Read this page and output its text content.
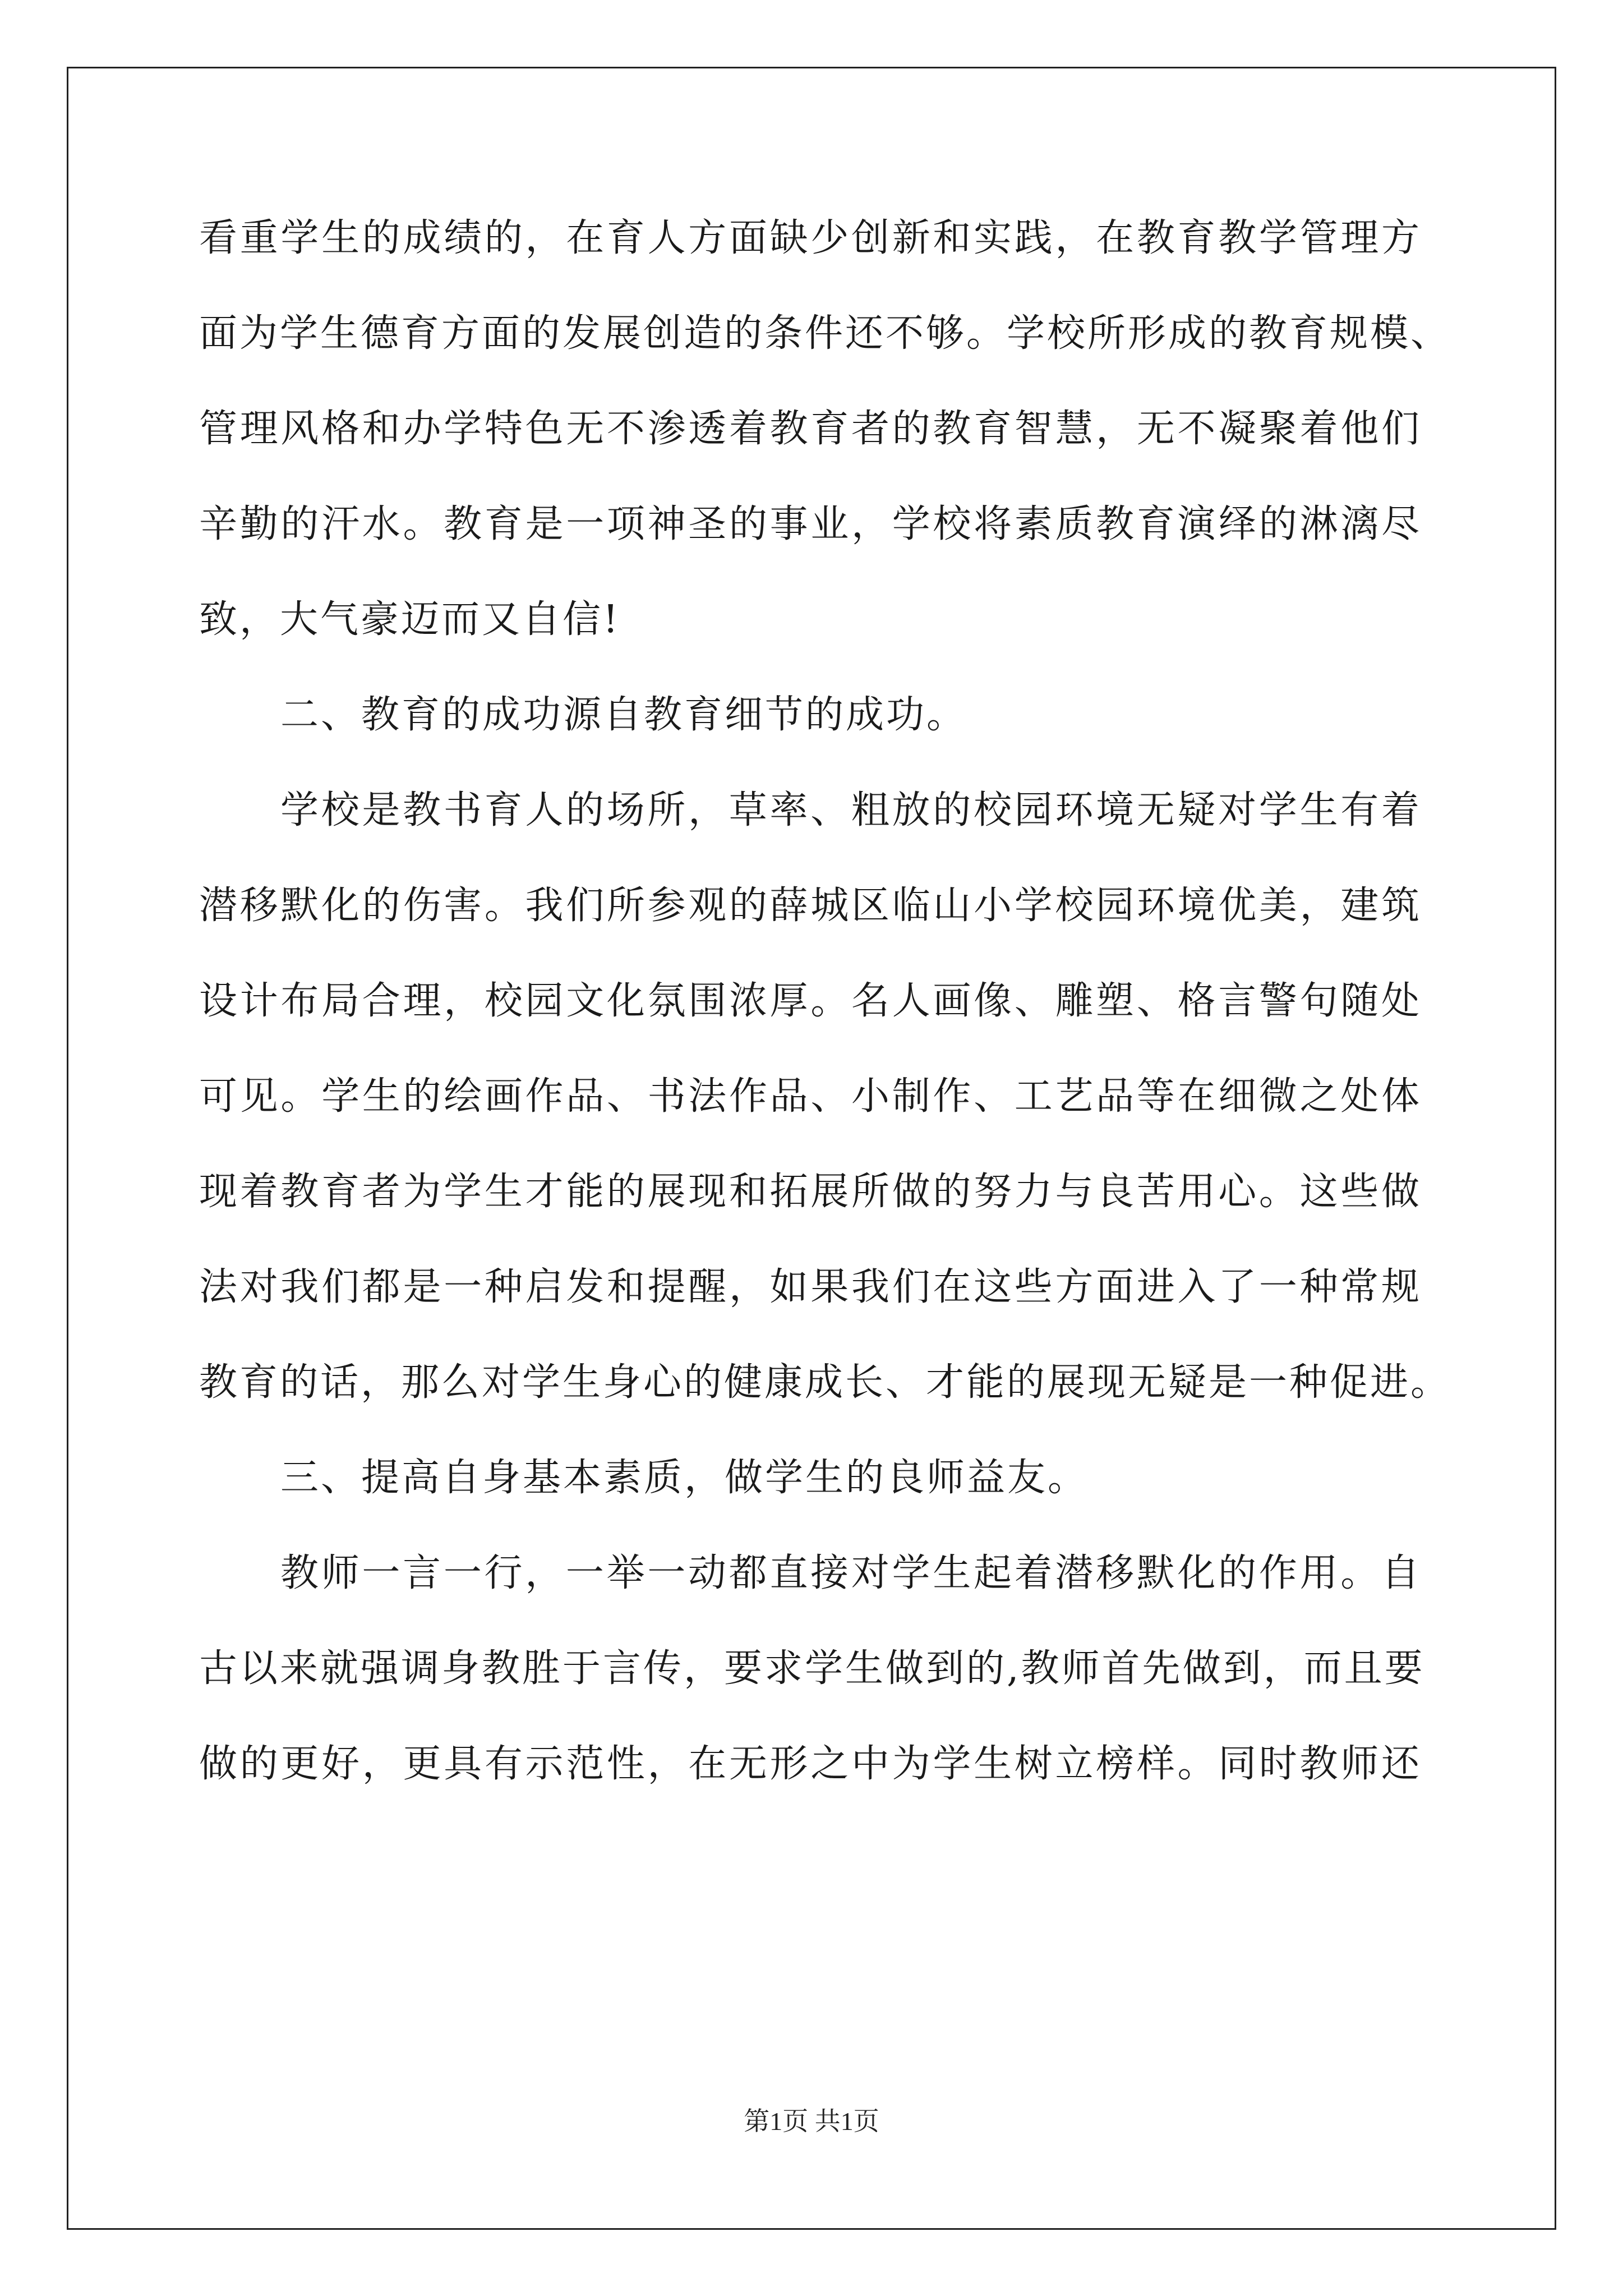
看重学生的成绩的，在育人方面缺少创新和实践，在教育教学管理方
面为学生德育方面的发展创造的条件还不够。学校所形成的教育规模、
管理风格和办学特色无不渗透着教育者的教育智慧，无不凝聚着他们
辛勤的汗水。教育是一项神圣的事业，学校将素质教育演绎的淋漓尽
致，大气豪迈而又自信!
二、教育的成功源自教育细节的成功。
学校是教书育人的场所，草率、粗放的校园环境无疑对学生有着
潜移默化的伤害。我们所参观的薛城区临山小学校园环境优美，建筑
设计布局合理，校园文化氛围浓厚。名人画像、雕塑、格言警句随处
可见。学生的绘画作品、书法作品、小制作、工艺品等在细微之处体
现着教育者为学生才能的展现和拓展所做的努力与良苦用心。这些做
法对我们都是一种启发和提醒，如果我们在这些方面进入了一种常规
教育的话，那么对学生身心的健康成长、才能的展现无疑是一种促进。
三、提高自身基本素质，做学生的良师益友。
教师一言一行，一举一动都直接对学生起着潜移默化的作用。自
古以来就强调身教胜于言传，要求学生做到的,教师首先做到，而且要
做的更好，更具有示范性，在无形之中为学生树立榜样。同时教师还
第1页 共1页
